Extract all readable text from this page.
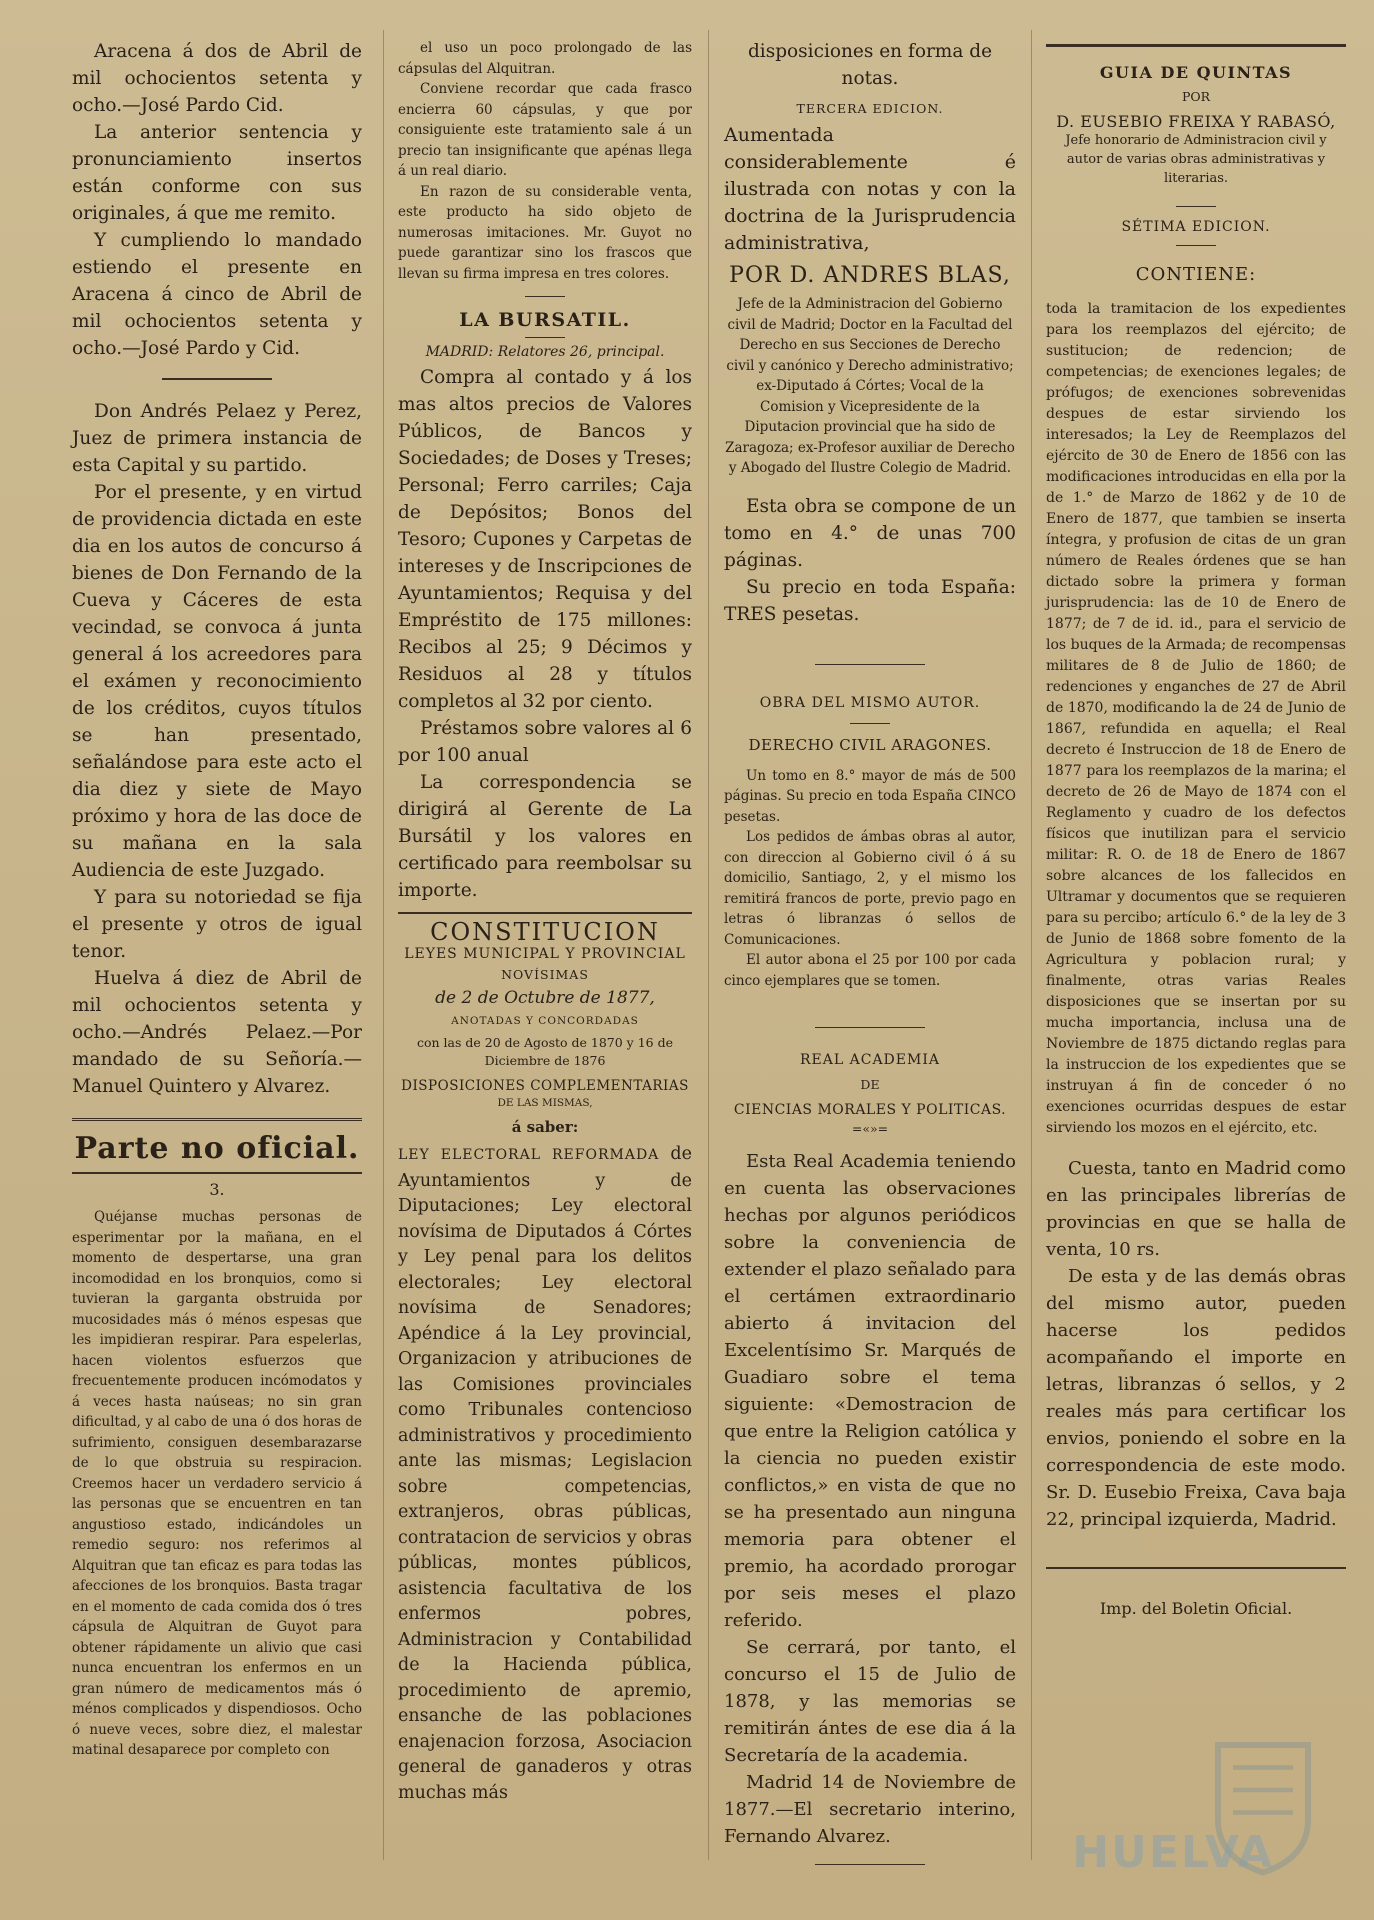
Aracena á dos de Abril de mil ochocientos setenta y ocho.—José Pardo Cid.

La anterior sentencia y pronunciamiento insertos están conforme con sus originales, á que me remito.

Y cumpliendo lo mandado estiendo el presente en Aracena á cinco de Abril de mil ochocientos setenta y ocho.—José Pardo y Cid.

Don Andrés Pelaez y Perez, Juez de primera instancia de esta Capital y su partido.

Por el presente, y en virtud de providencia dictada en este dia en los autos de concurso á bienes de Don Fernando de la Cueva y Cáceres de esta vecindad, se convoca á junta general á los acreedores para el exámen y reconocimiento de los créditos, cuyos títulos se han presentado, señalándose para este acto el dia diez y siete de Mayo próximo y hora de las doce de su mañana en la sala Audiencia de este Juzgado.

Y para su notoriedad se fija el presente y otros de igual tenor.

Huelva á diez de Abril de mil ochocientos setenta y ocho.—Andrés Pelaez.—Por mandado de su Señoría.—Manuel Quintero y Alvarez.

Parte no oficial.

3.

Quéjanse muchas personas de esperimentar por la mañana, en el momento de despertarse, una gran incomodidad en los bronquios, como si tuvieran la garganta obstruida por mucosidades más ó ménos espesas que les impidieran respirar. Para espelerlas, hacen violentos esfuerzos que frecuentemente producen incómodatos y á veces hasta naúseas; no sin gran dificultad, y al cabo de una ó dos horas de sufrimiento, consiguen desembarazarse de lo que obstruia su respiracion. Creemos hacer un verdadero servicio á las personas que se encuentren en tan angustioso estado, indicándoles un remedio seguro: nos referimos al Alquitran que tan eficaz es para todas las afecciones de los bronquios. Basta tragar en el momento de cada comida dos ó tres cápsula de Alquitran de Guyot para obtener rápidamente un alivio que casi nunca encuentran los enfermos en un gran número de medicamentos más ó ménos complicados y dispendiosos. Ocho ó nueve veces, sobre diez, el malestar matinal desaparece por completo con

el uso un poco prolongado de las cápsulas del Alquitran.

Conviene recordar que cada frasco encierra 60 cápsulas, y que por consiguiente este tratamiento sale á un precio tan insignificante que apénas llega á un real diario.

En razon de su considerable venta, este producto ha sido objeto de numerosas imitaciones. Mr. Guyot no puede garantizar sino los frascos que llevan su firma impresa en tres colores.

LA BURSATIL.

MADRID: Relatores 26, principal.

Compra al contado y á los mas altos precios de Valores Públicos, de Bancos y Sociedades; de Doses y Treses; Personal; Ferro carriles; Caja de Depósitos; Bonos del Tesoro; Cupones y Carpetas de intereses y de Inscripciones de Ayuntamientos; Requisa y del Empréstito de 175 millones: Recibos al 25; 9 Décimos y Residuos al 28 y títulos completos al 32 por ciento.

Préstamos sobre valores al 6 por 100 anual

La correspondencia se dirigirá al Gerente de La Bursátil y los valores en certificado para reembolsar su importe.

CONSTITUCION

LEYES MUNICIPAL Y PROVINCIAL

NOVÍSIMAS

de 2 de Octubre de 1877,

ANOTADAS Y CONCORDADAS

con las de 20 de Agosto de 1870 y 16 de Diciembre de 1876

DISPOSICIONES COMPLEMENTARIAS

DE LAS MISMAS,

á saber:

LEY ELECTORAL REFORMADA de Ayuntamientos y de Diputaciones; Ley electoral novísima de Diputados á Córtes y Ley penal para los delitos electorales; Ley electoral novísima de Senadores; Apéndice á la Ley provincial, Organizacion y atribuciones de las Comisiones provinciales como Tribunales contencioso administrativos y procedimiento ante las mismas; Legislacion sobre competencias, extranjeros, obras públicas, contratacion de servicios y obras públicas, montes públicos, asistencia facultativa de los enfermos pobres, Administracion y Contabilidad de la Hacienda pública, procedimiento de apremio, ensanche de las poblaciones enajenacion forzosa, Asociacion general de ganaderos y otras muchas más

disposiciones en forma de notas.

TERCERA EDICION.

Aumentada considerablemente é ilustrada con notas y con la doctrina de la Jurisprudencia administrativa,

POR D. ANDRES BLAS,

Jefe de la Administracion del Gobierno civil de Madrid; Doctor en la Facultad del Derecho en sus Secciones de Derecho civil y canónico y Derecho administrativo; ex-Diputado á Córtes; Vocal de la Comision y Vicepresidente de la Diputacion provincial que ha sido de Zaragoza; ex-Profesor auxiliar de Derecho y Abogado del Ilustre Colegio de Madrid.

Esta obra se compone de un tomo en 4.° de unas 700 páginas.

Su precio en toda España: TRES pesetas.

OBRA DEL MISMO AUTOR.

DERECHO CIVIL ARAGONES.

Un tomo en 8.° mayor de más de 500 páginas. Su precio en toda España CINCO pesetas.

Los pedidos de ámbas obras al autor, con direccion al Gobierno civil ó á su domicilio, Santiago, 2, y el mismo los remitirá francos de porte, previo pago en letras ó libranzas ó sellos de Comunicaciones.

El autor abona el 25 por 100 por cada cinco ejemplares que se tomen.

REAL ACADEMIA

DE

CIENCIAS MORALES Y POLITICAS.

=«»=

Esta Real Academia teniendo en cuenta las observaciones hechas por algunos periódicos sobre la conveniencia de extender el plazo señalado para el certámen extraordinario abierto á invitacion del Excelentísimo Sr. Marqués de Guadiaro sobre el tema siguiente: «Demostracion de que entre la Religion católica y la ciencia no pueden existir conflictos,» en vista de que no se ha presentado aun ninguna memoria para obtener el premio, ha acordado prorogar por seis meses el plazo referido.

Se cerrará, por tanto, el concurso el 15 de Julio de 1878, y las memorias se remitirán ántes de ese dia á la Secretaría de la academia.

Madrid 14 de Noviembre de 1877.—El secretario interino, Fernando Alvarez.

GUIA DE QUINTAS

POR

D. EUSEBIO FREIXA Y RABASÓ,

Jefe honorario de Administracion civil y autor de varias obras administrativas y literarias.

SÉTIMA EDICION.

CONTIENE:

toda la tramitacion de los expedientes para los reemplazos del ejército; de sustitucion; de redencion; de competencias; de exenciones legales; de prófugos; de exenciones sobrevenidas despues de estar sirviendo los interesados; la Ley de Reemplazos del ejército de 30 de Enero de 1856 con las modificaciones introducidas en ella por la de 1.° de Marzo de 1862 y de 10 de Enero de 1877, que tambien se inserta íntegra, y profusion de citas de un gran número de Reales órdenes que se han dictado sobre la primera y forman jurisprudencia: las de 10 de Enero de 1877; de 7 de id. id., para el servicio de los buques de la Armada; de recompensas militares de 8 de Julio de 1860; de redenciones y enganches de 27 de Abril de 1870, modificando la de 24 de Junio de 1867, refundida en aquella; el Real decreto é Instruccion de 18 de Enero de 1877 para los reemplazos de la marina; el decreto de 26 de Mayo de 1874 con el Reglamento y cuadro de los defectos físicos que inutilizan para el servicio militar: R. O. de 18 de Enero de 1867 sobre alcances de los fallecidos en Ultramar y documentos que se requieren para su percibo; artículo 6.° de la ley de 3 de Junio de 1868 sobre fomento de la Agricultura y poblacion rural; y finalmente, otras varias Reales disposiciones que se insertan por su mucha importancia, inclusa una de Noviembre de 1875 dictando reglas para la instruccion de los expedientes que se instruyan á fin de conceder ó no exenciones ocurridas despues de estar sirviendo los mozos en el ejército, etc.

Cuesta, tanto en Madrid como en las principales librerías de provincias en que se halla de venta, 10 rs.

De esta y de las demás obras del mismo autor, pueden hacerse los pedidos acompañando el importe en letras, libranzas ó sellos, y 2 reales más para certificar los envios, poniendo el sobre en la correspondencia de este modo. Sr. D. Eusebio Freixa, Cava baja 22, principal izquierda, Madrid.

Imp. del Boletin Oficial.

HUELVA
